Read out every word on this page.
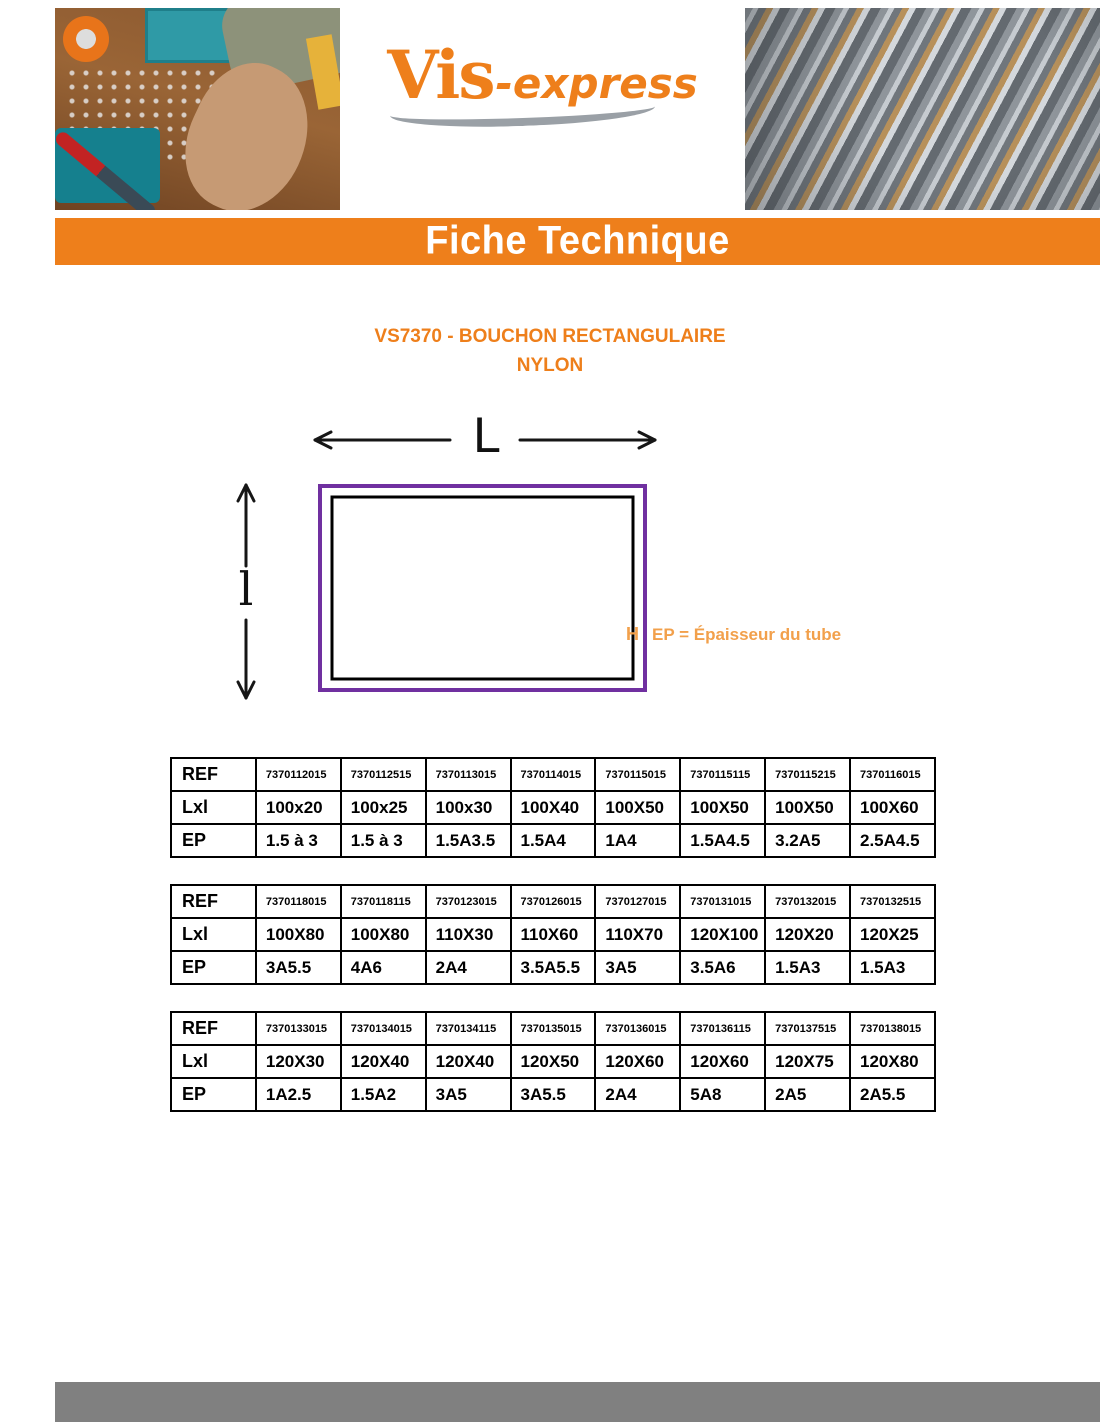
Vis -express
Fiche Technique
VS7370 - BOUCHON RECTANGULAIRE
NYLON
L
l
H EP = Épaisseur du tube
REF	7370112015	7370112515	7370113015	7370114015	7370115015	7370115115	7370115215	7370116015
Lxl	100x20	100x25	100x30	100X40	100X50	100X50	100X50	100X60
EP	1.5 à 3	1.5 à 3	1.5A3.5	1.5A4	1A4	1.5A4.5	3.2A5	2.5A4.5
REF	7370118015	7370118115	7370123015	7370126015	7370127015	7370131015	7370132015	7370132515
Lxl	100X80	100X80	110X30	110X60	110X70	120X100	120X20	120X25
EP	3A5.5	4A6	2A4	3.5A5.5	3A5	3.5A6	1.5A3	1.5A3
REF	7370133015	7370134015	7370134115	7370135015	7370136015	7370136115	7370137515	7370138015
Lxl	120X30	120X40	120X40	120X50	120X60	120X60	120X75	120X80
EP	1A2.5	1.5A2	3A5	3A5.5	2A4	5A8	2A5	2A5.5
